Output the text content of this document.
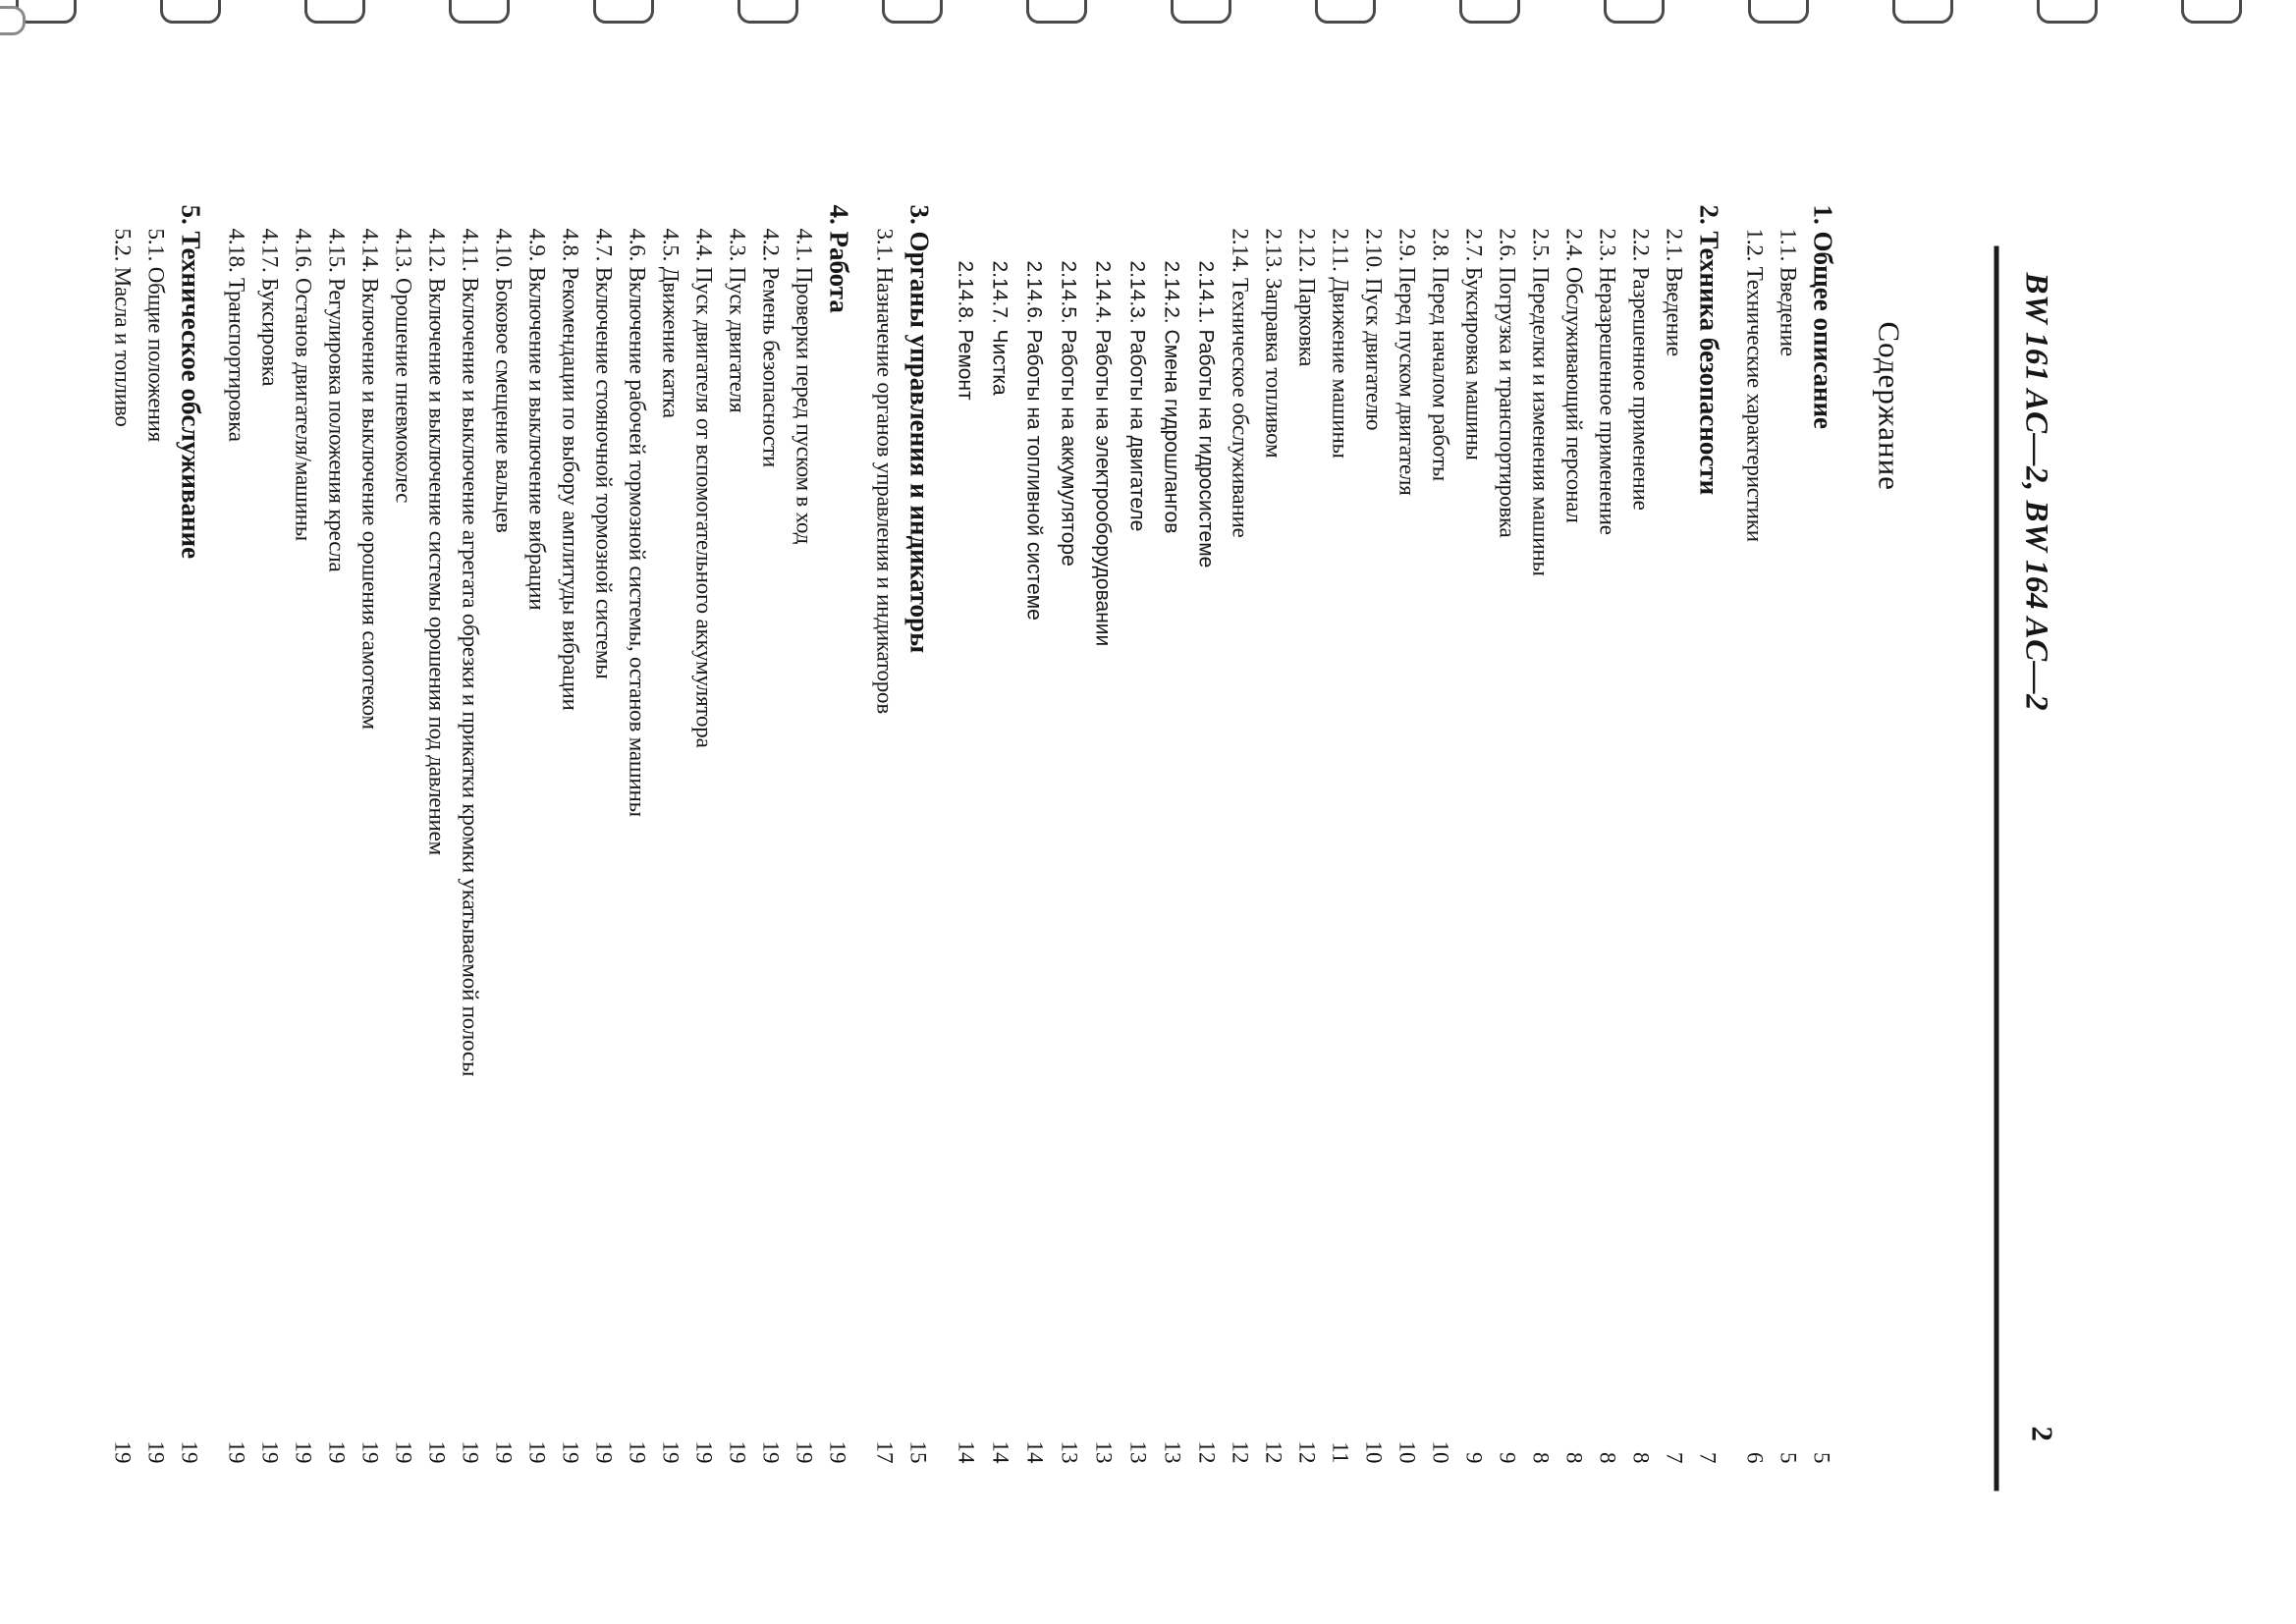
BW 161 AC—2, BW 164 AC—2
2
Содержание
1. Общее описание
5
1.1. Введение
5
1.2. Технические характеристики
6
2. Техника безопасности
7
2.1. Введение
7
2.2. Разрешенное применение
8
2.3. Неразрешенное применение
8
2.4. Обслуживающий персонал
8
2.5. Переделки и изменения машины
8
2.6. Погрузка и транспортировка
9
2.7. Буксировка машины
9
2.8. Перед началом работы
10
2.9. Перед пуском двигателя
10
2.10. Пуск двигателю
10
2.11. Движение машины
11
2.12. Парковка
12
2.13. Заправка топливом
12
2.14. Техническое обслуживание
12
2.14.1. Работы на гидросистеме
12
2.14.2. Смена гидрошлангов
13
2.14.3. Работы на двигателе
13
2.14.4. Работы на электрооборудовании
13
2.14.5. Работы на аккумуляторе
13
2.14.6. Работы на топливной системе
14
2.14.7. Чистка
14
2.14.8. Ремонт
14
3. Органы управления и индикаторы
15
3.1. Назначение органов управления и индикаторов
17
4. Работа
19
4.1. Проверки перед пуском в ход
19
4.2. Ремень безопасности
19
4.3. Пуск двигателя
19
4.4. Пуск двигателя от вспомогательного аккумулятора
19
4.5. Движение катка
19
4.6. Включение рабочей тормозной системы, останов машины
19
4.7. Включение стояночной тормозной системы
19
4.8. Рекомендации по выбору амплитуды вибрации
19
4.9. Включение и выключение вибрации
19
4.10. Боковое смещение вальцев
19
4.11. Включение и выключение агрегата обрезки и прикатки кромки укатываемой полосы
19
4.12. Включение и выключение системы орошения под давлением
19
4.13. Орошение пневмоколес
19
4.14. Включение и выключение орошения самотеком
19
4.15. Регулировка положения кресла
19
4.16. Останов двигателя/машины
19
4.17. Буксировка
19
4.18. Транспортировка
19
5. Техническое обслуживание
19
5.1. Общие положения
19
5.2. Масла и топливо
19
